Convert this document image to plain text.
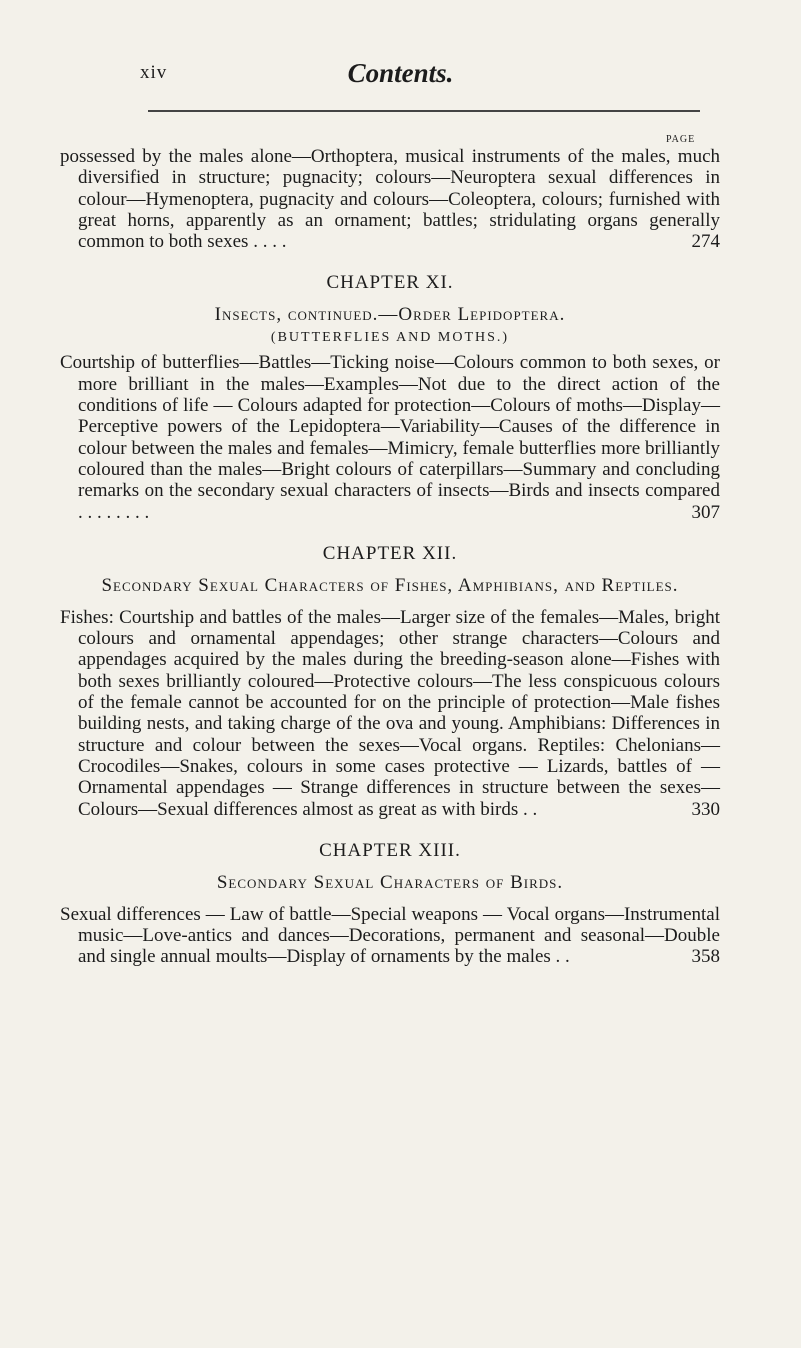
xiv	Contents.
PAGE

possessed by the males alone—Orthoptera, musical instruments of the males, much diversified in structure; pugnacity; colours—Neuroptera sexual differences in colour—Hymenoptera, pugnacity and colours—Coleoptera, colours; furnished with great horns, apparently as an ornament; battles; stridulating organs generally common to both sexes . . . .	274

CHAPTER XI.
Insects, continued.—Order Lepidoptera.
(BUTTERFLIES AND MOTHS.)

Courtship of butterflies—Battles—Ticking noise—Colours common to both sexes, or more brilliant in the males—Examples—Not due to the direct action of the conditions of life — Colours adapted for protection—Colours of moths—Display—Perceptive powers of the Lepidoptera—Variability—Causes of the difference in colour between the males and females—Mimicry, female butterflies more brilliantly coloured than the males—Bright colours of caterpillars—Summary and concluding remarks on the secondary sexual characters of insects—Birds and insects compared . . . . . . . .	307

CHAPTER XII.
Secondary Sexual Characters of Fishes, Amphibians, and Reptiles.

Fishes: Courtship and battles of the males—Larger size of the females—Males, bright colours and ornamental appendages; other strange characters—Colours and appendages acquired by the males during the breeding-season alone—Fishes with both sexes brilliantly coloured—Protective colours—The less conspicuous colours of the female cannot be accounted for on the principle of protection—Male fishes building nests, and taking charge of the ova and young. Amphibians: Differences in structure and colour between the sexes—Vocal organs. Reptiles: Chelonians—Crocodiles—Snakes, colours in some cases protective — Lizards, battles of — Ornamental appendages — Strange differences in structure between the sexes—Colours—Sexual differences almost as great as with birds . .	330

CHAPTER XIII.
Secondary Sexual Characters of Birds.

Sexual differences — Law of battle—Special weapons — Vocal organs—Instrumental music—Love-antics and dances—Decorations, permanent and seasonal—Double and single annual moults—Display of ornaments by the males . .	358
